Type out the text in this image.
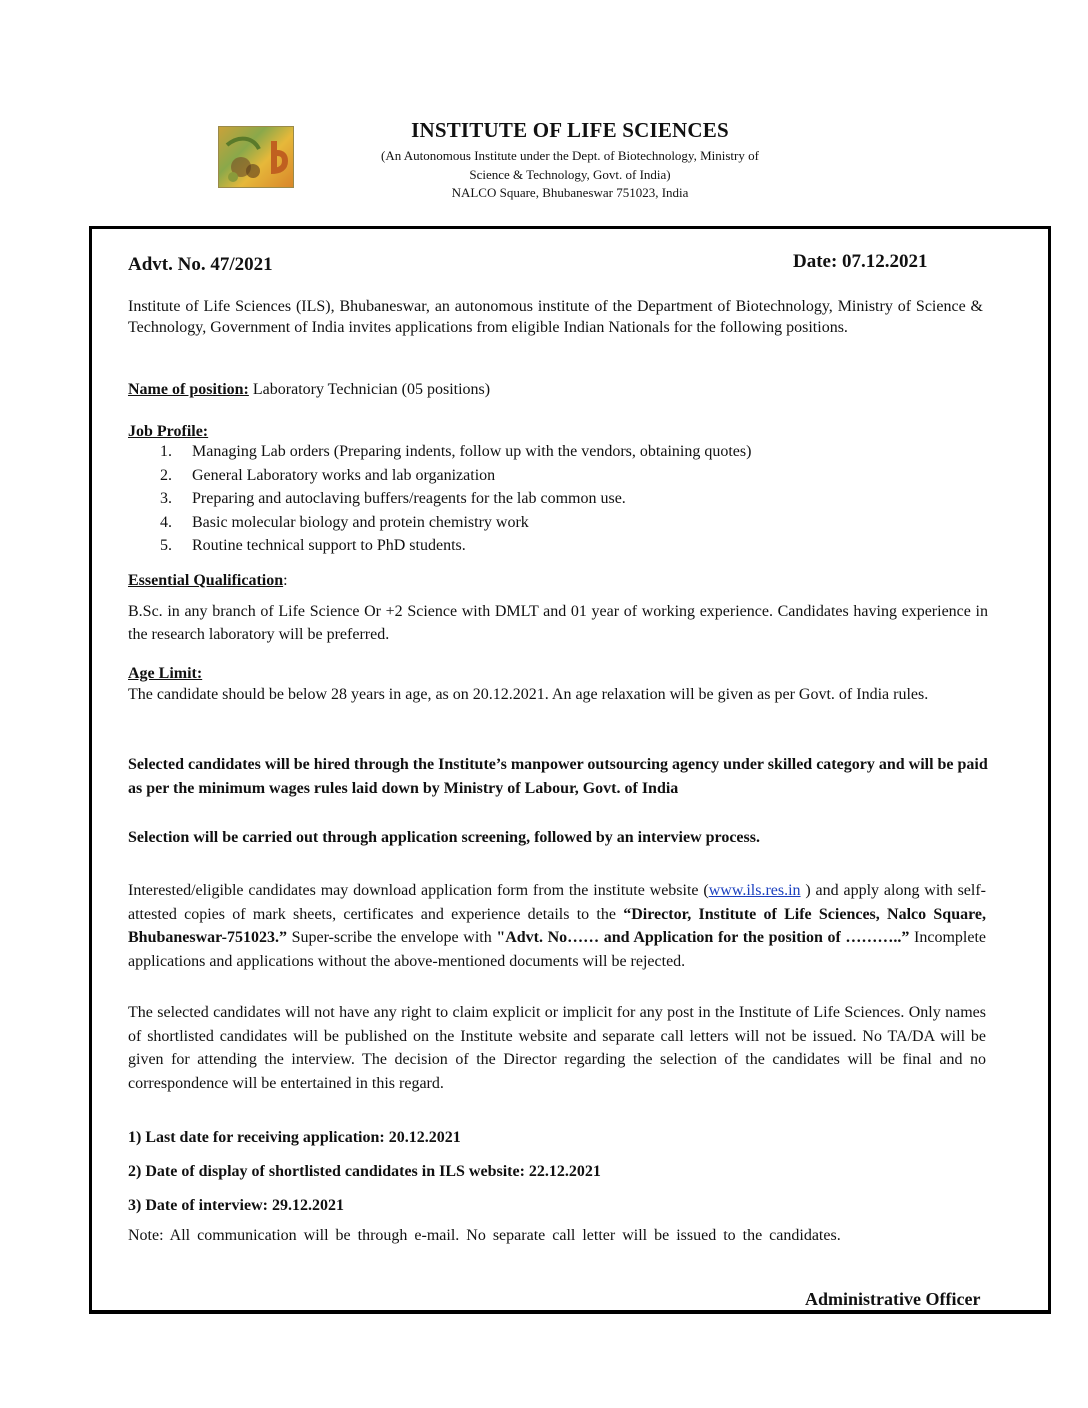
INSTITUTE OF LIFE SCIENCES
(An Autonomous Institute under the Dept. of Biotechnology, Ministry of
Science & Technology, Govt. of India)
NALCO Square, Bhubaneswar 751023, India
Advt. No. 47/2021	Date: 07.12.2021
Institute of Life Sciences (ILS), Bhubaneswar, an autonomous institute of the Department of Biotechnology, Ministry of Science & Technology, Government of India invites applications from eligible Indian Nationals for the following positions.
Name of position: Laboratory Technician (05 positions)
Job Profile:
1. Managing Lab orders (Preparing indents, follow up with the vendors, obtaining quotes)
2. General Laboratory works and lab organization
3. Preparing and autoclaving buffers/reagents for the lab common use.
4. Basic molecular biology and protein chemistry work
5. Routine technical support to PhD students.
Essential Qualification:
B.Sc. in any branch of Life Science Or +2 Science with DMLT and 01 year of working experience. Candidates having experience in the research laboratory will be preferred.
Age Limit:
The candidate should be below 28 years in age, as on 20.12.2021. An age relaxation will be given as per Govt. of India rules.
Selected candidates will be hired through the Institute’s manpower outsourcing agency under skilled category and will be paid as per the minimum wages rules laid down by Ministry of Labour, Govt. of India
Selection will be carried out through application screening, followed by an interview process.
Interested/eligible candidates may download application form from the institute website (www.ils.res.in ) and apply along with self-attested copies of mark sheets, certificates and experience details to the “Director, Institute of Life Sciences, Nalco Square, Bhubaneswar-751023.” Super-scribe the envelope with "Advt. No…… and Application for the position of ………..” Incomplete applications and applications without the above-mentioned documents will be rejected.
The selected candidates will not have any right to claim explicit or implicit for any post in the Institute of Life Sciences. Only names of shortlisted candidates will be published on the Institute website and separate call letters will not be issued. No TA/DA will be given for attending the interview. The decision of the Director regarding the selection of the candidates will be final and no correspondence will be entertained in this regard.
1) Last date for receiving application: 20.12.2021
2) Date of display of shortlisted candidates in ILS website: 22.12.2021
3) Date of interview: 29.12.2021
Note: All communication will be through e-mail. No separate call letter will be issued to the candidates.
Administrative Officer
